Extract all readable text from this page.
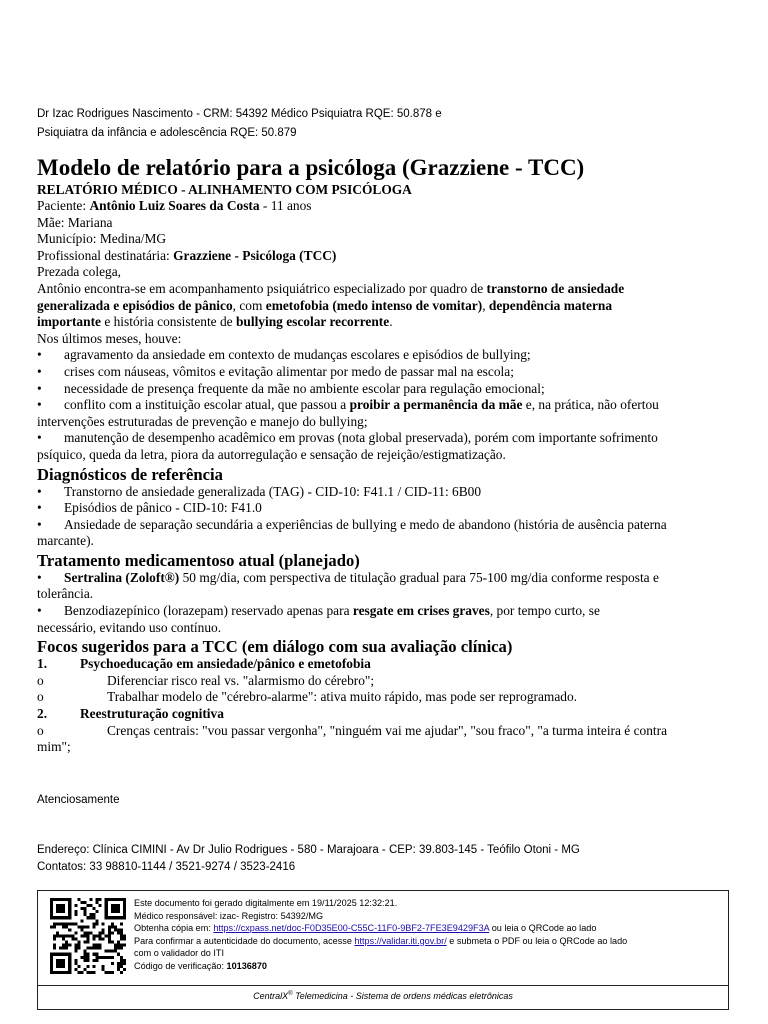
Dr Izac Rodrigues Nascimento - CRM: 54392 Médico Psiquiatra RQE: 50.878 e
Psiquiatra da infância e adolescência RQE: 50.879
Modelo de relatório para a psicóloga (Grazziene - TCC)
RELATÓRIO MÉDICO - ALINHAMENTO COM PSICÓLOGA
Paciente: Antônio Luiz Soares da Costa - 11 anos
Mãe: Mariana
Município: Medina/MG
Profissional destinatária: Grazziene - Psicóloga (TCC)
Prezada colega,
Antônio encontra-se em acompanhamento psiquiátrico especializado por quadro de transtorno de ansiedade
generalizada e episódios de pânico, com emetofobia (medo intenso de vomitar), dependência materna
importante e história consistente de bullying escolar recorrente.
Nos últimos meses, houve:
• agravamento da ansiedade em contexto de mudanças escolares e episódios de bullying;
• crises com náuseas, vômitos e evitação alimentar por medo de passar mal na escola;
• necessidade de presença frequente da mãe no ambiente escolar para regulação emocional;
• conflito com a instituição escolar atual, que passou a proibir a permanência da mãe e, na prática, não ofertou
intervenções estruturadas de prevenção e manejo do bullying;
• manutenção de desempenho acadêmico em provas (nota global preservada), porém com importante sofrimento
psíquico, queda da letra, piora da autorregulação e sensação de rejeição/estigmatização.
Diagnósticos de referência
• Transtorno de ansiedade generalizada (TAG) - CID-10: F41.1 / CID-11: 6B00
• Episódios de pânico - CID-10: F41.0
• Ansiedade de separação secundária a experiências de bullying e medo de abandono (história de ausência paterna
marcante).
Tratamento medicamentoso atual (planejado)
• Sertralina (Zoloft®) 50 mg/dia, com perspectiva de titulação gradual para 75-100 mg/dia conforme resposta e
tolerância.
• Benzodiazepínico (lorazepam) reservado apenas para resgate em crises graves, por tempo curto, se
necessário, evitando uso contínuo.
Focos sugeridos para a TCC (em diálogo com sua avaliação clínica)
1. Psychoeducação em ansiedade/pânico e emetofobia
o	Diferenciar risco real vs. "alarmismo do cérebro";
o	Trabalhar modelo de "cérebro-alarme": ativa muito rápido, mas pode ser reprogramado.
2. Reestruturação cognitiva
o	Crenças centrais: "vou passar vergonha", "ninguém vai me ajudar", "sou fraco", "a turma inteira é contra
mim";
Atenciosamente
Endereço: Clínica CIMINI - Av Dr Julio Rodrigues - 580 - Marajoara - CEP: 39.803-145 - Teófilo Otoni - MG
Contatos: 33 98810-1144 / 3521-9274 / 3523-2416
Este documento foi gerado digitalmente em 19/11/2025 12:32:21.
Médico responsável: izac- Registro: 54392/MG
Obtenha cópia em: https://cxpass.net/doc-F0D35E00-C55C-11F0-9BF2-7FE3E9429F3A ou leia o QRCode ao lado
Para confirmar a autenticidade do documento, acesse https://validar.iti.gov.br/ e submeta o PDF ou leia o QRCode ao lado
com o validador do ITI
Código de verificação: 10136870
CentralX® Telemedicina - Sistema de ordens médicas eletrônicas
